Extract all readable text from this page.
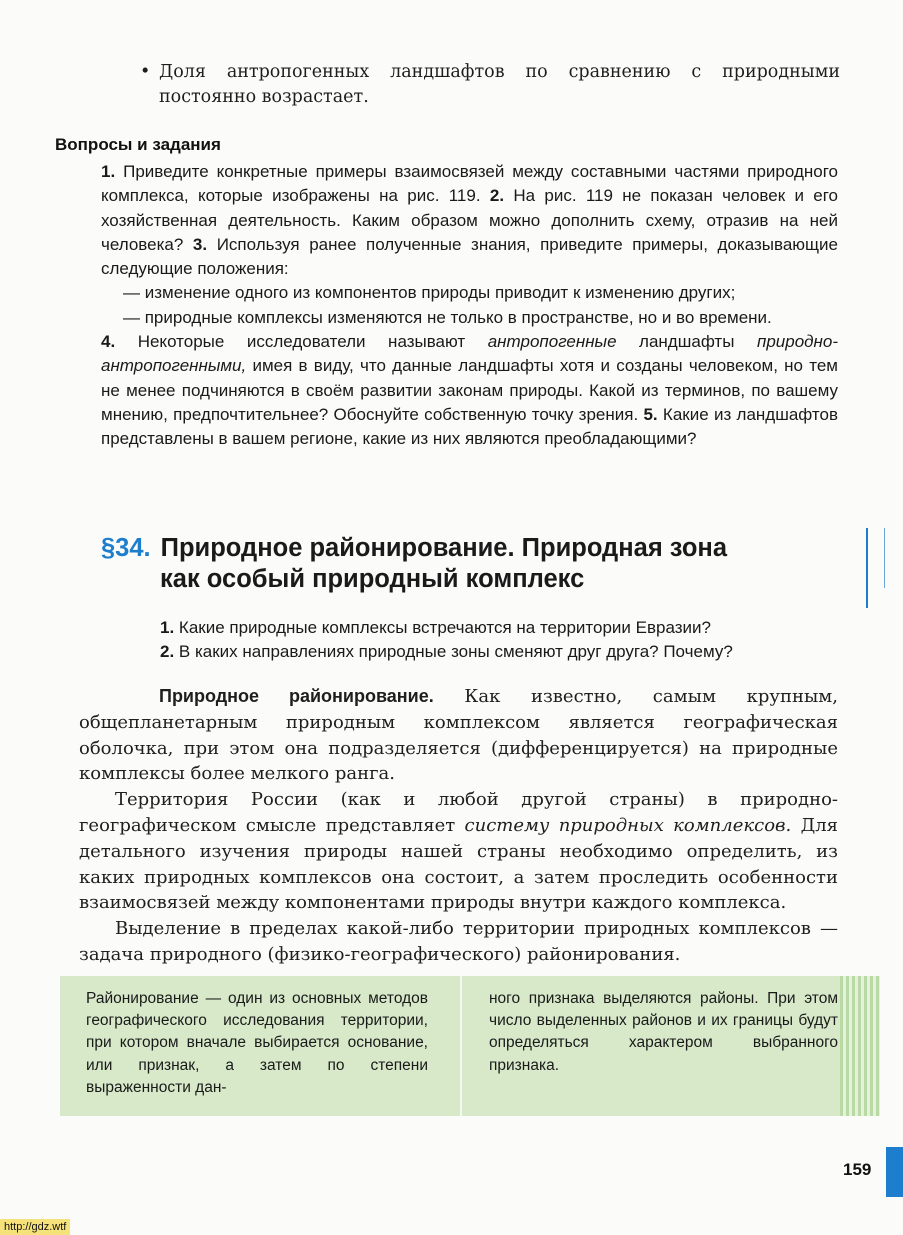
• Доля антропогенных ландшафтов по сравнению с природными постоянно возрастает.
Вопросы и задания

1. Приведите конкретные примеры взаимосвязей между составными частями природного комплекса, которые изображены на рис. 119. 2. На рис. 119 не показан человек и его хозяйственная деятельность. Каким образом можно дополнить схему, отразив на ней человека? 3. Используя ранее полученные знания, приведите примеры, доказывающие следующие положения:

— изменение одного из компонентов природы приводит к изменению других;

— природные комплексы изменяются не только в пространстве, но и во времени.

4. Некоторые исследователи называют антропогенные ландшафты природно-антропогенными, имея в виду, что данные ландшафты хотя и созданы человеком, но тем не менее подчиняются в своём развитии законам природы. Какой из терминов, по вашему мнению, предпочтительнее? Обоснуйте собственную точку зрения. 5. Какие из ландшафтов представлены в вашем регионе, какие из них являются преобладающими?

§34. Природное районирование. Природная зона
как особый природный комплекс

1. Какие природные комплексы встречаются на территории Евразии?

2. В каких направлениях природные зоны сменяют друг друга? Почему?

Природное районирование. Как известно, самым крупным, общепланетарным природным комплексом является географическая оболочка, при этом она подразделяется (дифференцируется) на природные комплексы более мелкого ранга.

Территория России (как и любой другой страны) в природно-географическом смысле представляет систему природных комплексов. Для детального изучения природы нашей страны необходимо определить, из каких природных комплексов она состоит, а затем проследить особенности взаимосвязей между компонентами природы внутри каждого комплекса.

Выделение в пределах какой-либо территории природных комплексов — задача природного (физико-географического) районирования.

Районирование — один из основных методов географического исследования территории, при котором вначале выбирается основание, или признак, а затем по степени выраженности дан-
ного признака выделяются районы. При этом число выделенных районов и их границы будут определяться характером выбранного признака.
159
http://gdz.wtf
